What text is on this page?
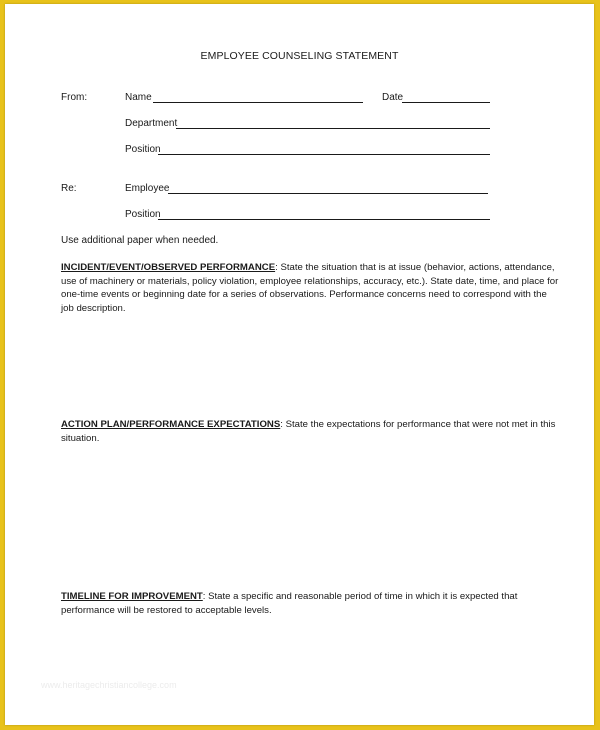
EMPLOYEE COUNSELING STATEMENT
From:	Name	Date
Department
Position
Re:	Employee
Position
Use additional paper when needed.
INCIDENT/EVENT/OBSERVED PERFORMANCE: State the situation that is at issue (behavior, actions, attendance, use of machinery or materials, policy violation, employee relationships, accuracy, etc.). State date, time, and place for one-time events or beginning date for a series of observations. Performance concerns need to correspond with the job description.
ACTION PLAN/PERFORMANCE EXPECTATIONS: State the expectations for performance that were not met in this situation.
TIMELINE FOR IMPROVEMENT: State a specific and reasonable period of time in which it is expected that performance will be restored to acceptable levels.
www.heritagechristiancollege.com
